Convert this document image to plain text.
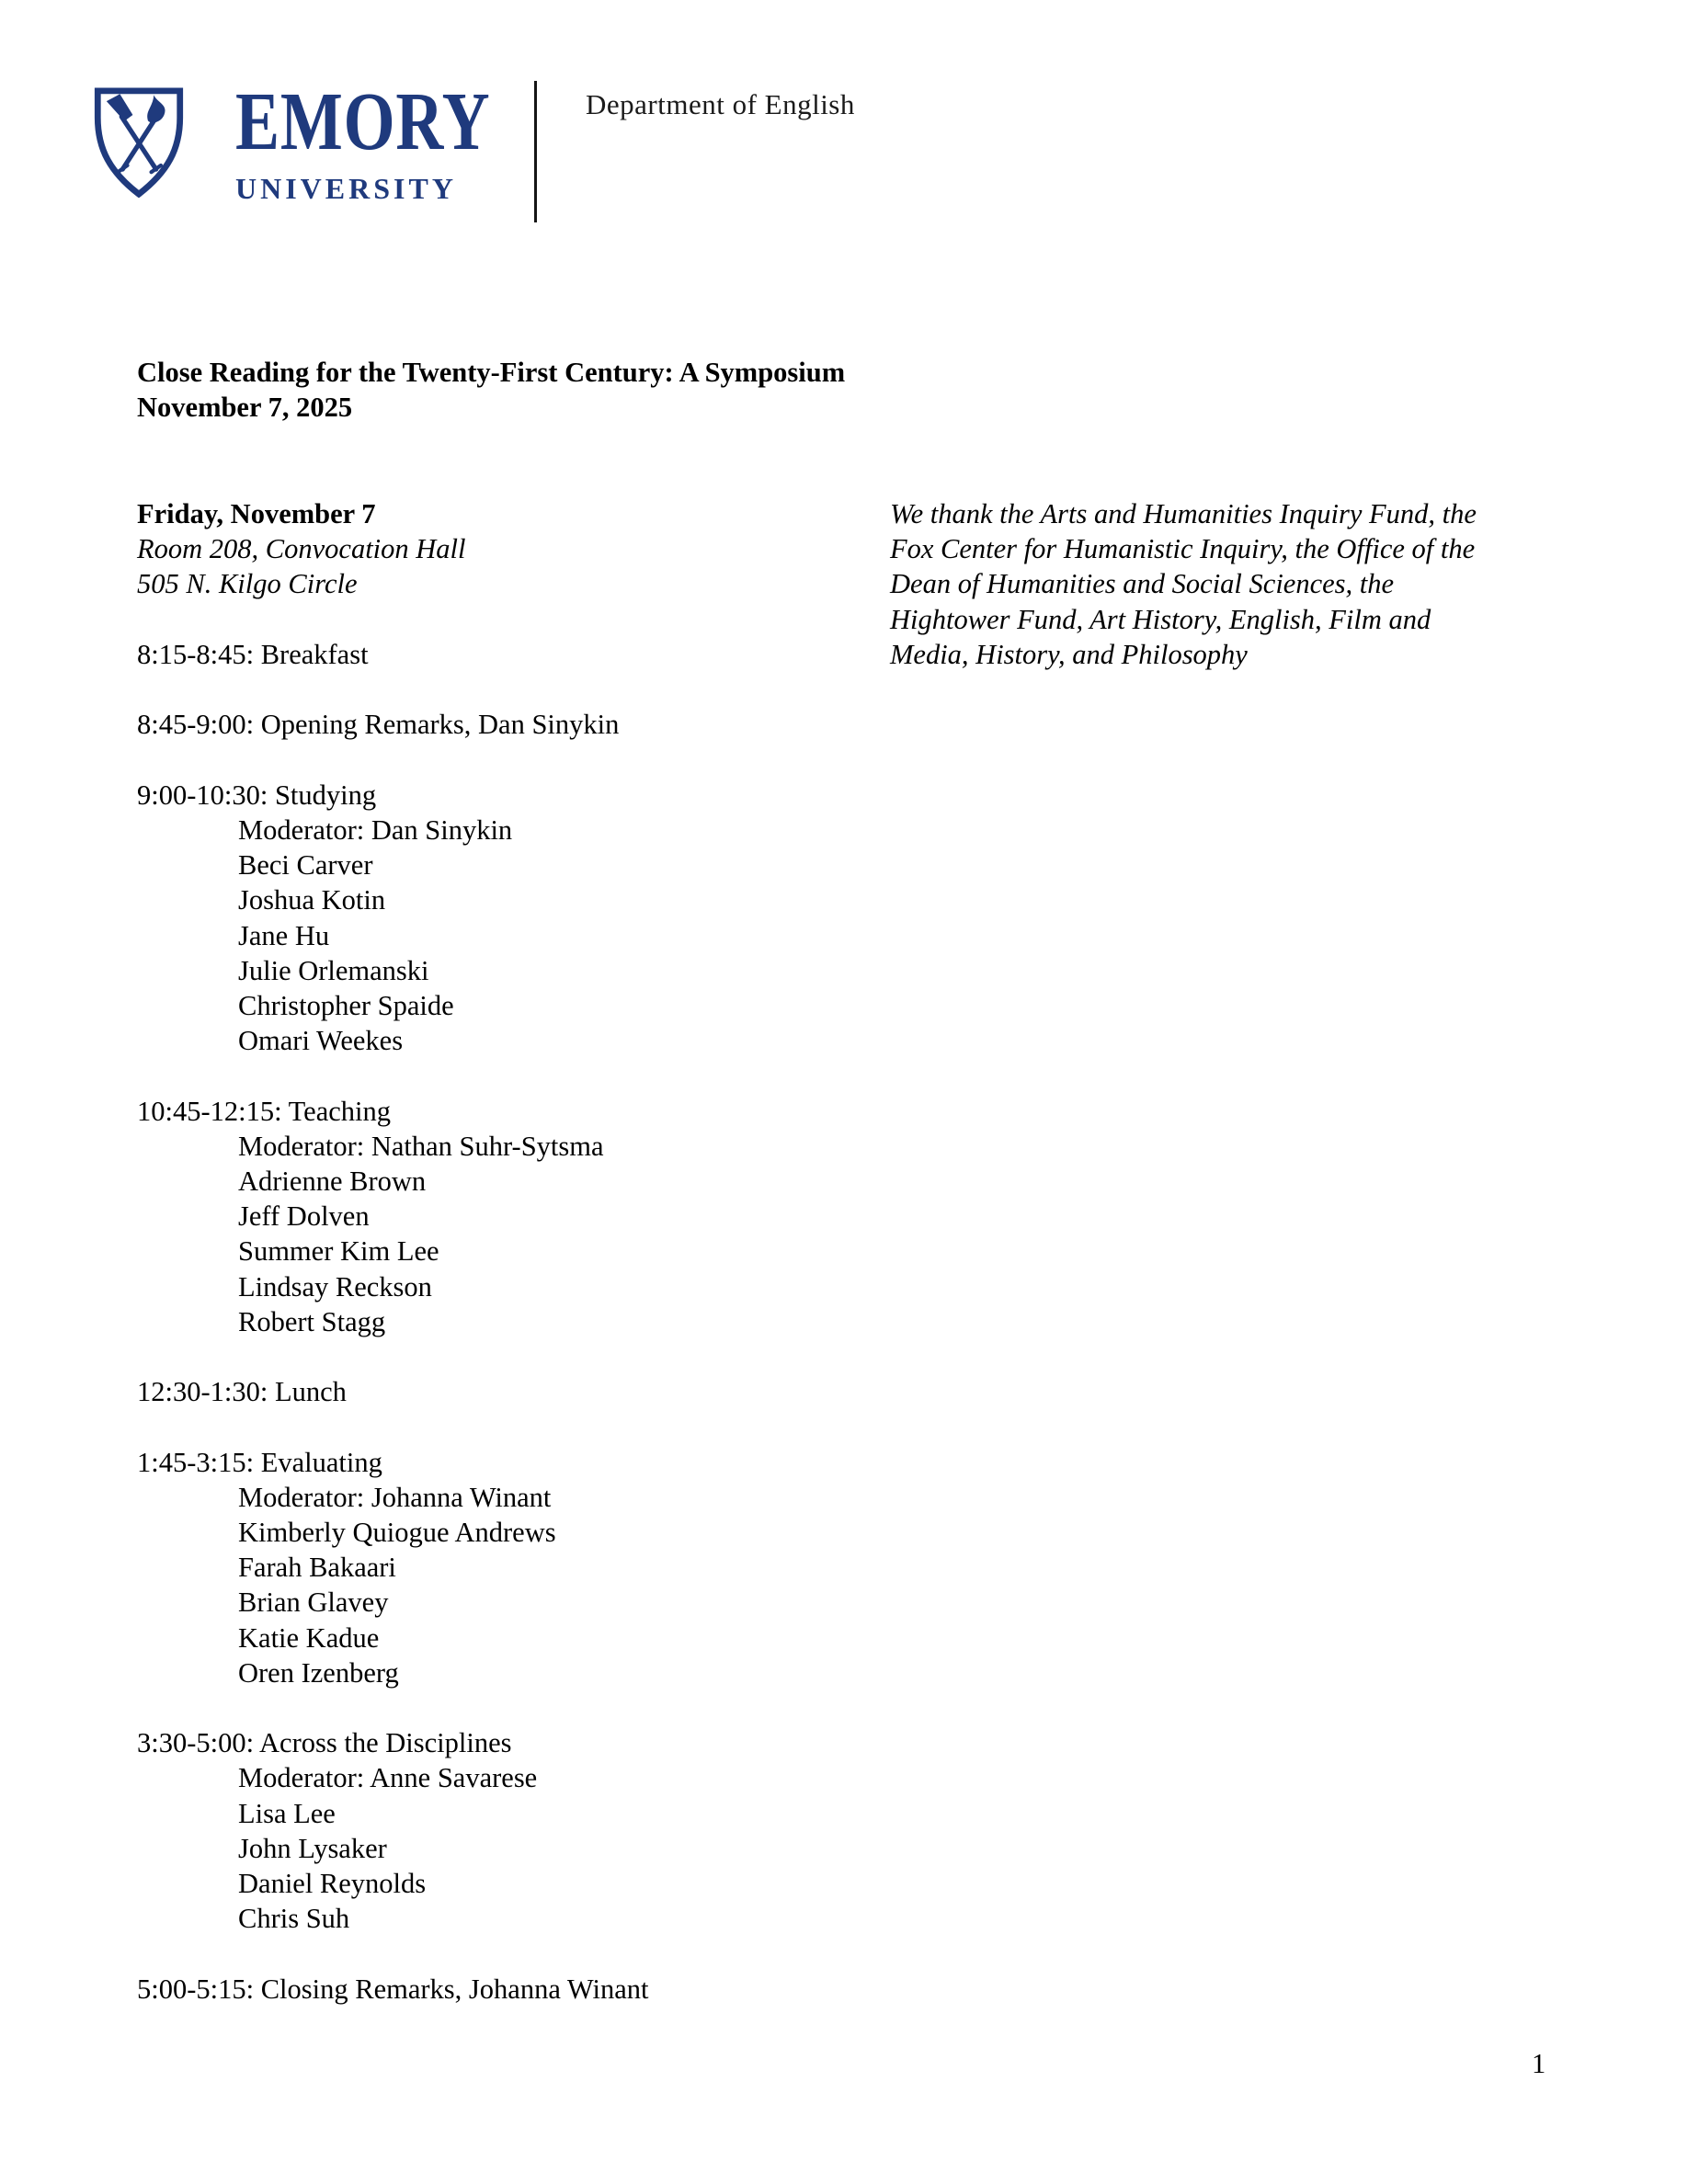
EMORY
UNIVERSITY
Department of English
Close Reading for the Twenty-First Century: A Symposium
November 7, 2025
Friday, November 7
Room 208, Convocation Hall
505 N. Kilgo Circle
We thank the Arts and Humanities Inquiry Fund, the
Fox Center for Humanistic Inquiry, the Office of the
Dean of Humanities and Social Sciences, the
Hightower Fund, Art History, English, Film and
Media, History, and Philosophy
8:15-8:45: Breakfast
8:45-9:00: Opening Remarks, Dan Sinykin
9:00-10:30: Studying
Moderator: Dan Sinykin
Beci Carver
Joshua Kotin
Jane Hu
Julie Orlemanski
Christopher Spaide
Omari Weekes
10:45-12:15: Teaching
Moderator: Nathan Suhr-Sytsma
Adrienne Brown
Jeff Dolven
Summer Kim Lee
Lindsay Reckson
Robert Stagg
12:30-1:30: Lunch
1:45-3:15: Evaluating
Moderator: Johanna Winant
Kimberly Quiogue Andrews
Farah Bakaari
Brian Glavey
Katie Kadue
Oren Izenberg
3:30-5:00: Across the Disciplines
Moderator: Anne Savarese
Lisa Lee
John Lysaker
Daniel Reynolds
Chris Suh
5:00-5:15: Closing Remarks, Johanna Winant
1
